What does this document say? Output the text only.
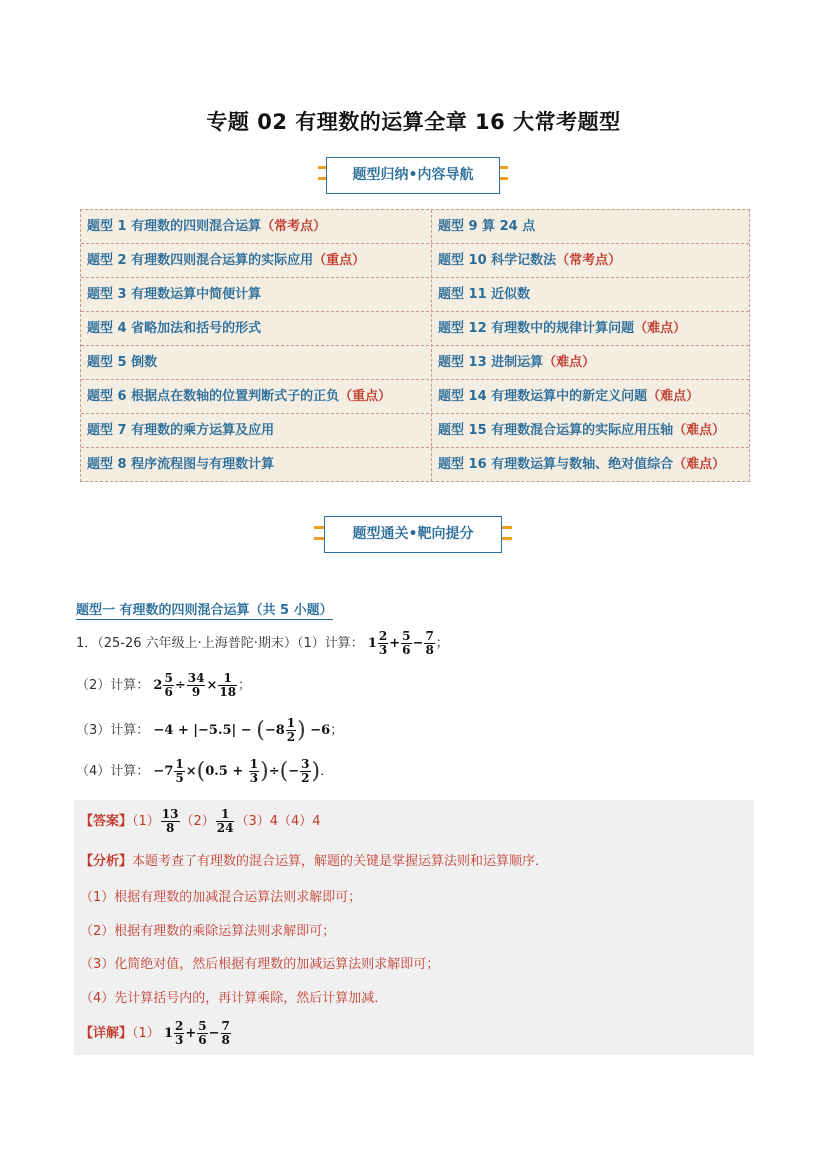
专题 02 有理数的运算全章 16 大常考题型
题型归纳•内容导航
题型 1 有理数的四则混合运算（常考点）	题型 9 算 24 点
题型 2 有理数四则混合运算的实际应用（重点）	题型 10 科学记数法（常考点）
题型 3 有理数运算中简便计算	题型 11 近似数
题型 4 省略加法和括号的形式	题型 12 有理数中的规律计算问题（难点）
题型 5 倒数	题型 13 进制运算（难点）
题型 6 根据点在数轴的位置判断式子的正负（重点）	题型 14 有理数运算中的新定义问题（难点）
题型 7 有理数的乘方运算及应用	题型 15 有理数混合运算的实际应用压轴（难点）
题型 8 程序流程图与有理数计算	题型 16 有理数运算与数轴、绝对值综合（难点）
题型通关•靶向提分
题型一 有理数的四则混合运算（共 5 小题）
1．（25-26 六年级上·上海普陀·期末）（1）计算： $1 \frac{2}{3} + \frac{5}{6} - \frac{7}{8}$ ；
（2）计算： $2 \frac{5}{6} \div \frac{34}{9} \times \frac{1}{18}$ ；
（3）计算： $-4 + |-5.5| - (-8 \frac{1}{2}$ ) −6；
（4）计算： $-7 \frac{1}{5} \times(0.5 + \frac{1}{3}$ )÷(− $\frac{3}{2}$ )．
【答案】$(1) \frac{13}{8} (2) \frac{1}{24} (3)4(4)4$
【分析】本题考查了有理数的混合运算，解题的关键是掌握运算法则和运算顺序．
（1）根据有理数的加减混合运算法则求解即可；
（2）根据有理数的乘除运算法则求解即可；
（3）化简绝对值，然后根据有理数的加减运算法则求解即可；
（4）先计算括号内的，再计算乘除，然后计算加减．
【详解】（1） $1 \frac{2}{3} + \frac{5}{6} - \frac{7}{8}$
